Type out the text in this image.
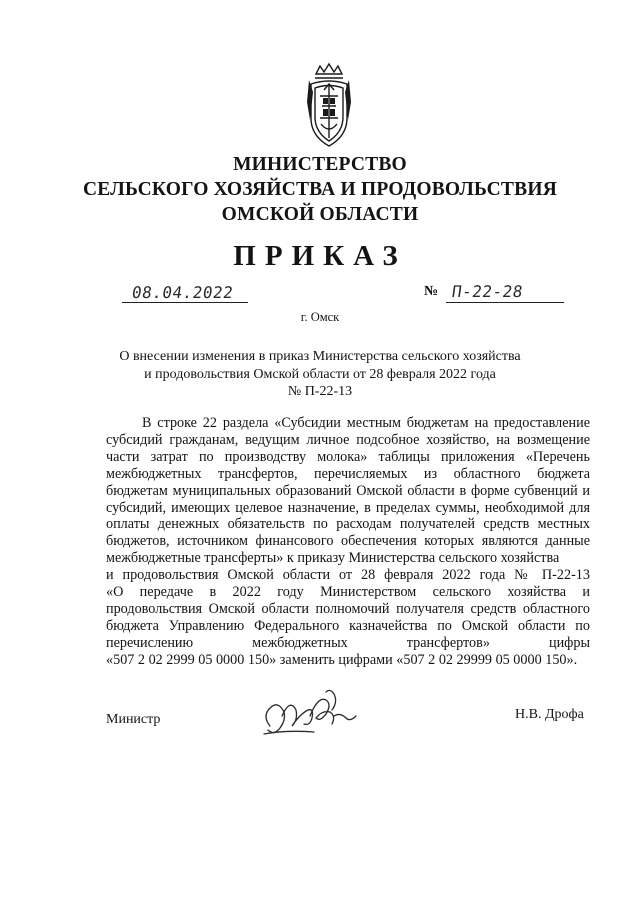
МИНИСТЕРСТВО
СЕЛЬСКОГО ХОЗЯЙСТВА И ПРОДОВОЛЬСТВИЯ
ОМСКОЙ ОБЛАСТИ
ПРИКАЗ
08.04.2022	№ П-22-28
г. Омск
О внесении изменения в приказ Министерства сельского хозяйства
и продовольствия Омской области от 28 февраля 2022 года
№ П-22-13
В строке 22 раздела «Субсидии местным бюджетам на предоставление
субсидий гражданам, ведущим личное подсобное хозяйство, на возмещение
части затрат по производству молока» таблицы приложения «Перечень
межбюджетных трансфертов, перечисляемых из областного бюджета
бюджетам муниципальных образований Омской области в форме субвенций и
субсидий, имеющих целевое назначение, в пределах суммы, необходимой для
оплаты денежных обязательств по расходам получателей средств местных
бюджетов, источником финансового обеспечения которых являются данные
межбюджетные трансферты» к приказу Министерства сельского хозяйства
и продовольствия Омской области от 28 февраля 2022 года № П-22-13
«О передаче в 2022 году Министерством сельского хозяйства и
продовольствия Омской области полномочий получателя средств областного
бюджета Управлению Федерального казначейства по Омской области по
перечислению межбюджетных трансфертов» цифры
«507 2 02 2999 05 0000 150» заменить цифрами «507 2 02 29999 05 0000 150».
Министр	Н.В. Дрофа
